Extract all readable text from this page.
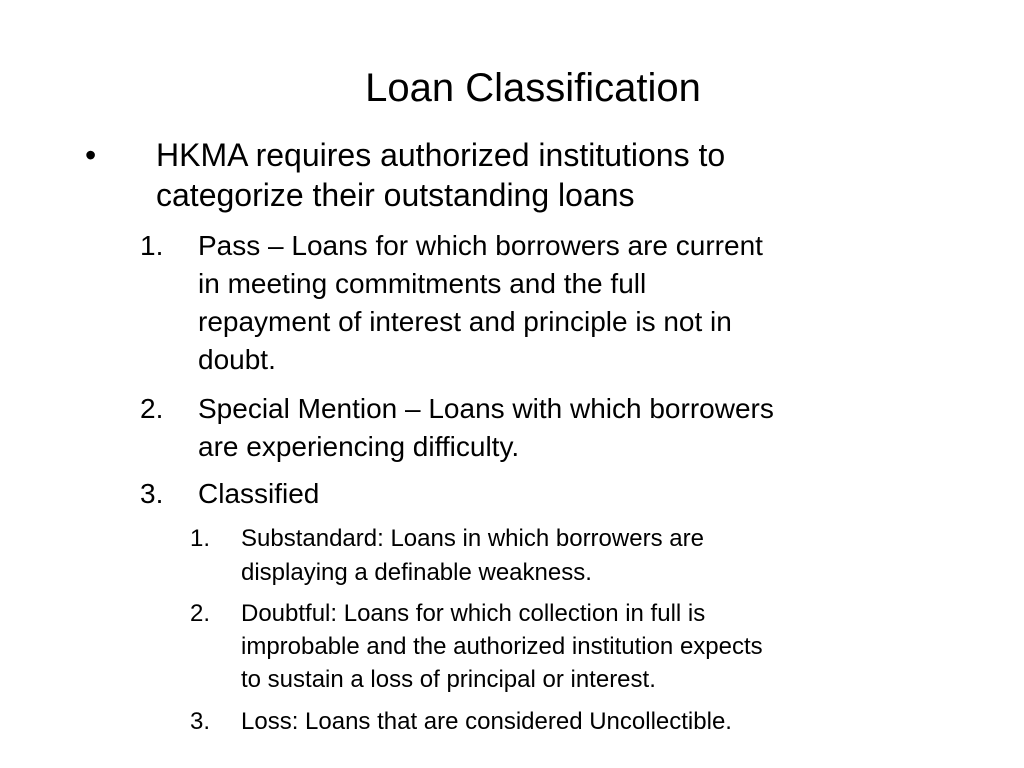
Loan Classification
• HKMA requires authorized institutions to
categorize their outstanding loans
1. Pass – Loans for which borrowers are current
in meeting commitments and the full
repayment of interest and principle is not in
doubt.
2. Special Mention – Loans with which borrowers
are experiencing difficulty.
3. Classified
1. Substandard: Loans in which borrowers are
displaying a definable weakness.
2. Doubtful: Loans for which collection in full is
improbable and the authorized institution expects
to sustain a loss of principal or interest.
3. Loss: Loans that are considered Uncollectible.
